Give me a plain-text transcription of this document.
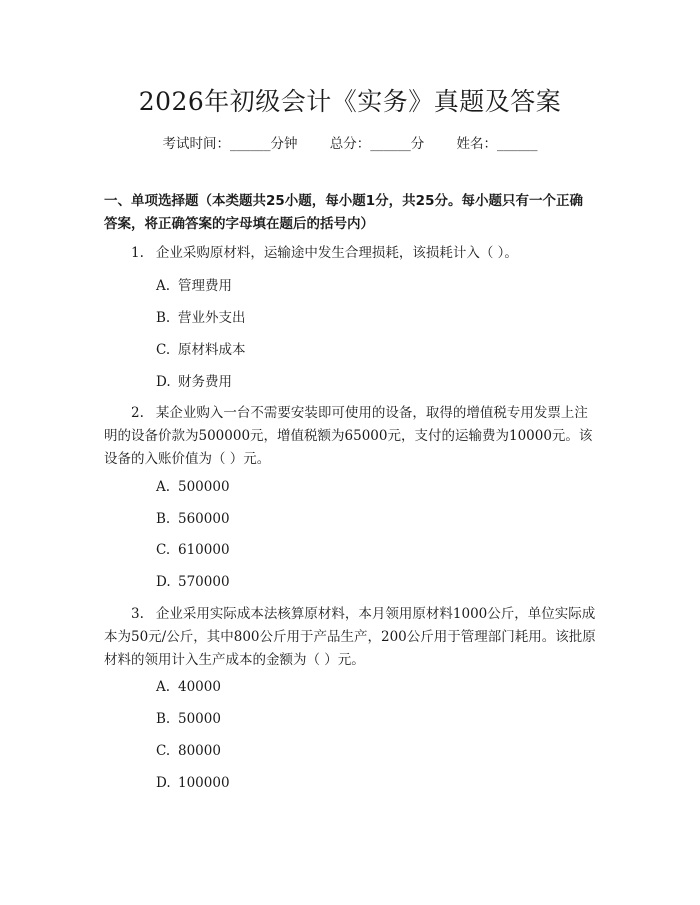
2026年初级会计《实务》真题及答案
考试时间：______分钟 总分：______分 姓名：______
一、单项选择题（本类题共25小题，每小题1分，共25分。每小题只有一个正确答案，将正确答案的字母填在题后的括号内）
1. 企业采购原材料，运输途中发生合理损耗，该损耗计入（ ）。
A. 管理费用
B. 营业外支出
C. 原材料成本
D. 财务费用
2. 某企业购入一台不需要安装即可使用的设备，取得的增值税专用发票上注明的设备价款为500000元，增值税额为65000元，支付的运输费为10000元。该设备的入账价值为（ ）元。
A. 500000
B. 560000
C. 610000
D. 570000
3. 企业采用实际成本法核算原材料，本月领用原材料1000公斤，单位实际成本为50元/公斤，其中800公斤用于产品生产，200公斤用于管理部门耗用。该批原材料的领用计入生产成本的金额为（ ）元。
A. 40000
B. 50000
C. 80000
D. 100000
